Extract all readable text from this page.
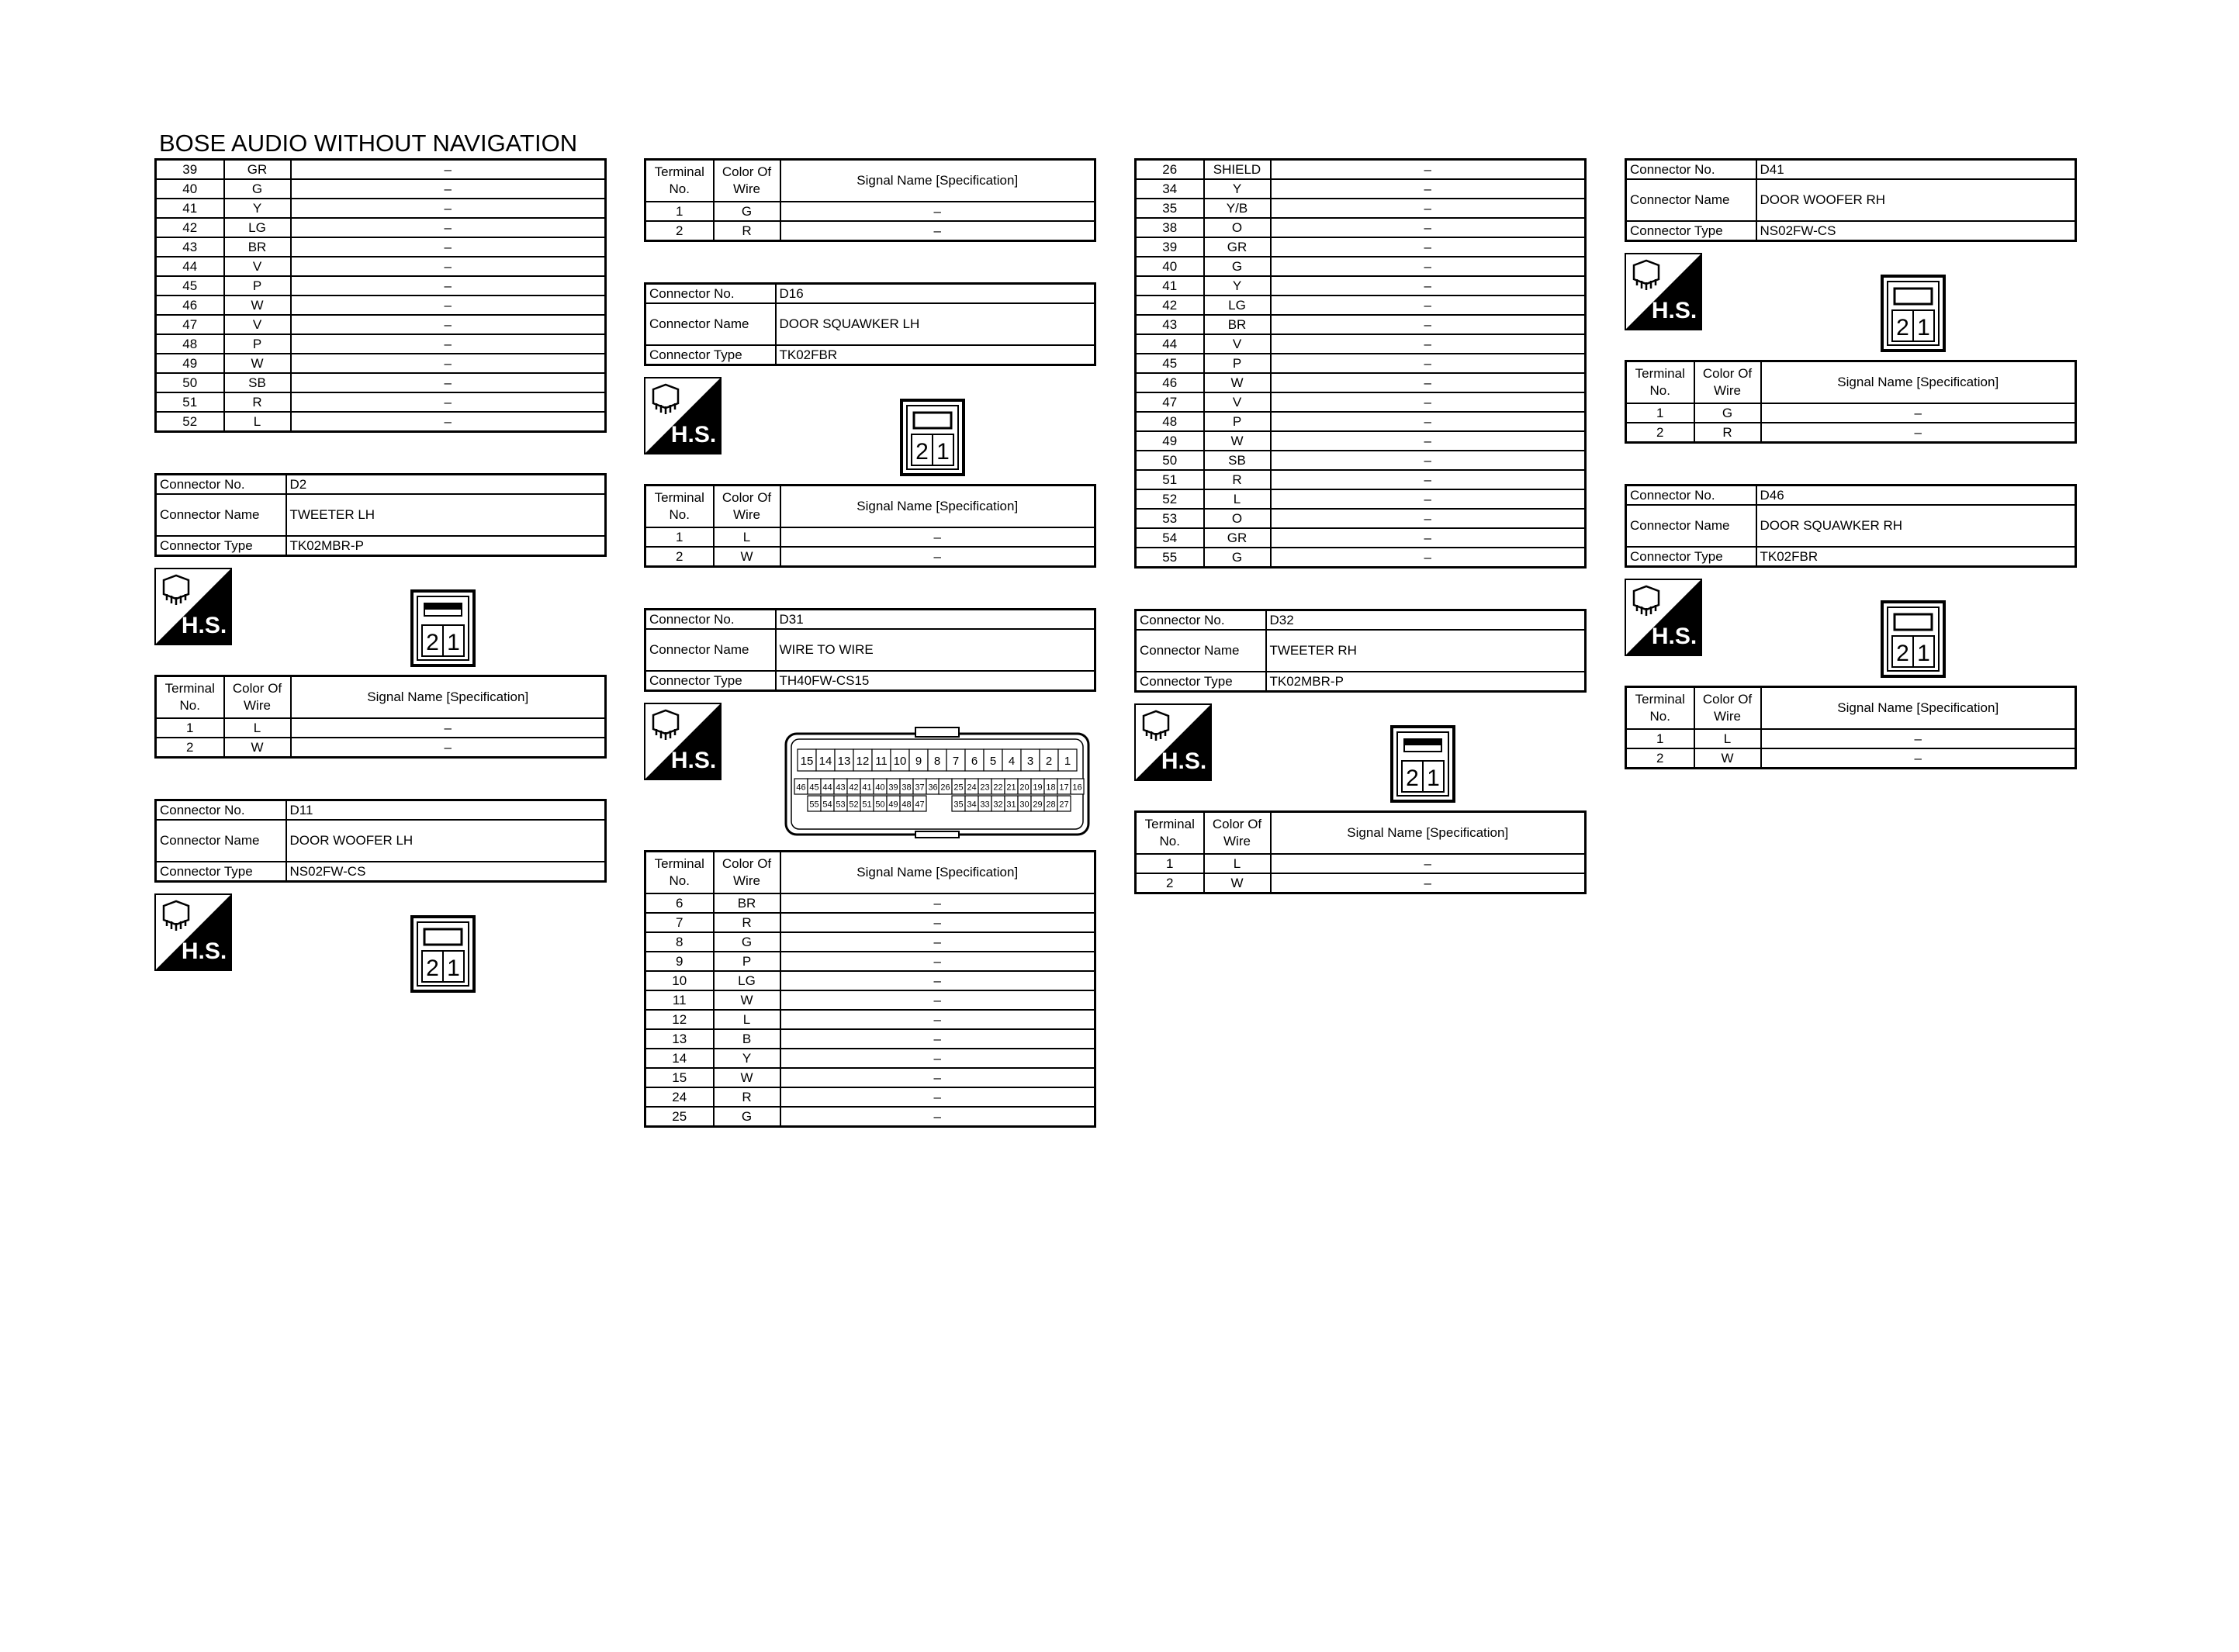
BOSE AUDIO WITHOUT NAVIGATION
39	GR	–
40	G	–
41	Y	–
42	LG	–
43	BR	–
44	V	–
45	P	–
46	W	–
47	V	–
48	P	–
49	W	–
50	SB	–
51	R	–
52	L	–
Connector No.	D2
Connector Name	TWEETER LH
Connector Type	TK02MBR-P
H.S.
2 1
Terminal No.	Color Of Wire	Signal Name [Specification]
1	L	–
2	W	–
Connector No.	D11
Connector Name	DOOR WOOFER LH
Connector Type	NS02FW-CS
H.S.
2 1
Terminal No.	Color Of Wire	Signal Name [Specification]
1	G	–
2	R	–
Connector No.	D16
Connector Name	DOOR SQUAWKER LH
Connector Type	TK02FBR
H.S.
2 1
Terminal No.	Color Of Wire	Signal Name [Specification]
1	L	–
2	W	–
Connector No.	D31
Connector Name	WIRE TO WIRE
Connector Type	TH40FW-CS15
H.S.	15 14 13 12 11 10 9 8 7 6 5 4 3 2 1
46 45 44 43 42 41 40 39 38 37 36 26 25 24 23 22 21 20 19 18 17 16
55 54 53 52 51 50 49 48 47	35 34 33 32 31 30 29 28 27
Terminal No.	Color Of Wire	Signal Name [Specification]
6	BR	–
7	R	–
8	G	–
9	P	–
10	LG	–
11	W	–
12	L	–
13	B	–
14	Y	–
15	W	–
24	R	–
25	G	–
26	SHIELD	–
34	Y	–
35	Y/B	–
38	O	–
39	GR	–
40	G	–
41	Y	–
42	LG	–
43	BR	–
44	V	–
45	P	–
46	W	–
47	V	–
48	P	–
49	W	–
50	SB	–
51	R	–
52	L	–
53	O	–
54	GR	–
55	G	–
Connector No.	D32
Connector Name	TWEETER RH
Connector Type	TK02MBR-P
H.S.
2 1
Terminal No.	Color Of Wire	Signal Name [Specification]
1	L	–
2	W	–
Connector No.	D41
Connector Name	DOOR WOOFER RH
Connector Type	NS02FW-CS
H.S.
2 1
Terminal No.	Color Of Wire	Signal Name [Specification]
1	G	–
2	R	–
Connector No.	D46
Connector Name	DOOR SQUAWKER RH
Connector Type	TK02FBR
H.S.
2 1
Terminal No.	Color Of Wire	Signal Name [Specification]
1	L	–
2	W	–
